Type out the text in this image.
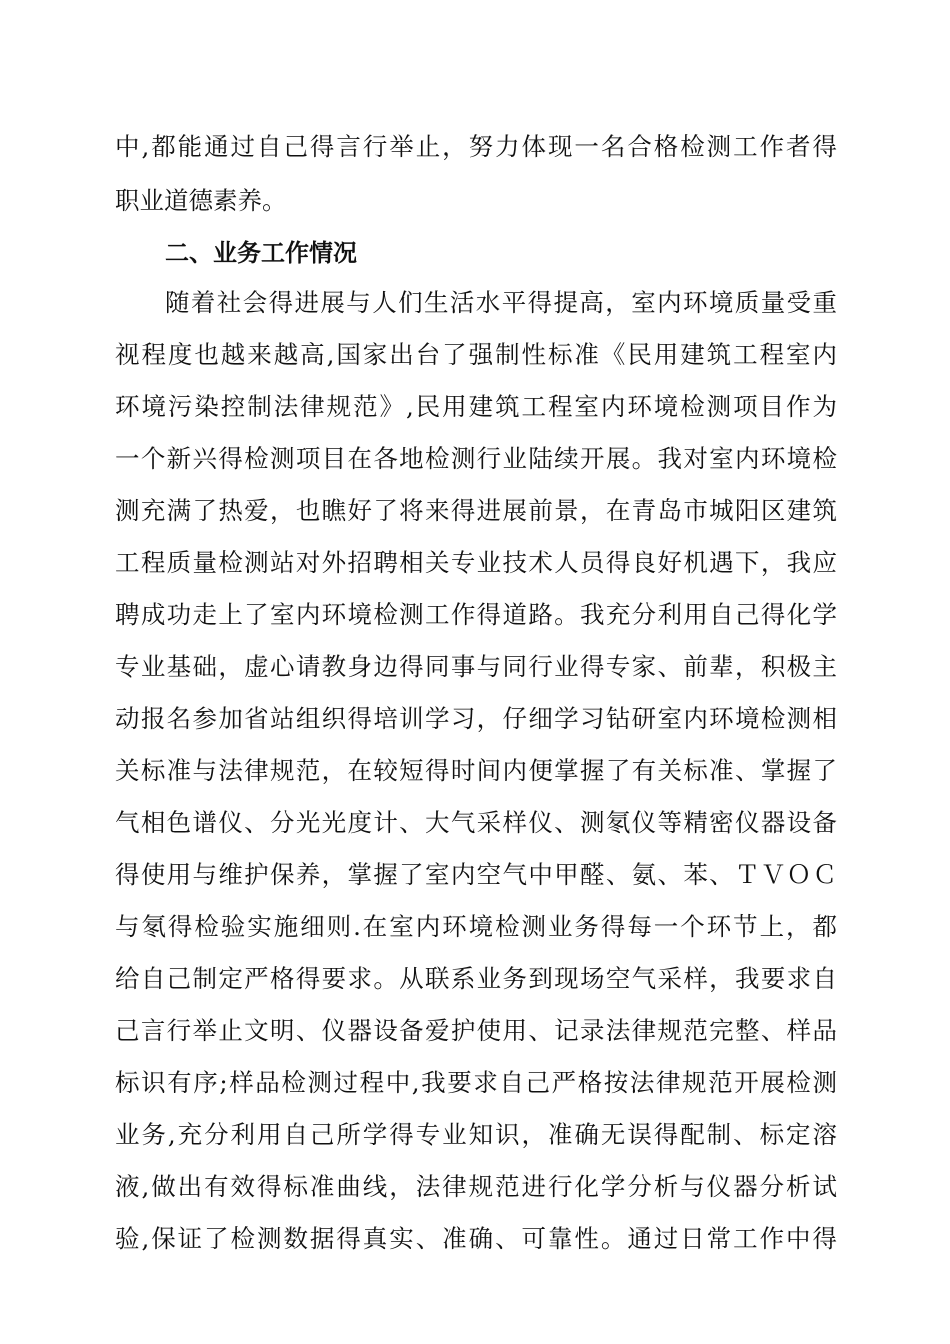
中,都能通过自己得言行举止，努力体现一名合格检测工作者得
职业道德素养。
二、业务工作情况
随着社会得进展与人们生活水平得提高，室内环境质量受重
视程度也越来越高,国家出台了强制性标准《民用建筑工程室内
环境污染控制法律规范》,民用建筑工程室内环境检测项目作为
一个新兴得检测项目在各地检测行业陆续开展。我对室内环境检
测充满了热爱，也瞧好了将来得进展前景，在青岛市城阳区建筑
工程质量检测站对外招聘相关专业技术人员得良好机遇下，我应
聘成功走上了室内环境检测工作得道路。我充分利用自己得化学
专业基础，虚心请教身边得同事与同行业得专家、前辈，积极主
动报名参加省站组织得培训学习，仔细学习钻研室内环境检测相
关标准与法律规范，在较短得时间内便掌握了有关标准、掌握了
气相色谱仪、分光光度计、大气采样仪、测氡仪等精密仪器设备
得使用与维护保养，掌握了室内空气中甲醛、氨、苯、ＴＶＯＣ
与氡得检验实施细则.在室内环境检测业务得每一个环节上，都
给自己制定严格得要求。从联系业务到现场空气采样，我要求自
己言行举止文明、仪器设备爱护使用、记录法律规范完整、样品
标识有序;样品检测过程中,我要求自己严格按法律规范开展检测
业务,充分利用自己所学得专业知识，准确无误得配制、标定溶
液,做出有效得标准曲线，法律规范进行化学分析与仪器分析试
验,保证了检测数据得真实、准确、可靠性。通过日常工作中得
